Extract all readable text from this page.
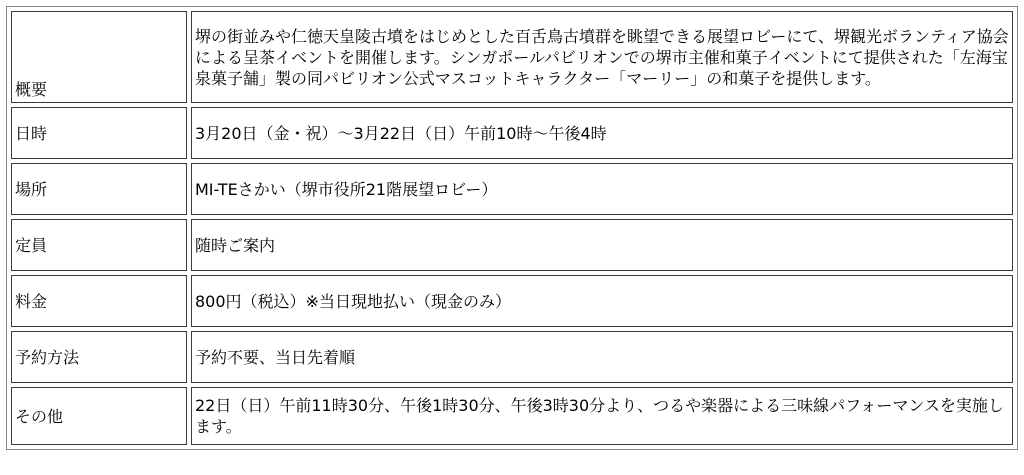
概要	堺の街並みや仁徳天皇陵古墳をはじめとした百舌鳥古墳群を眺望できる展望ロビーにて、堺観光ボランティア協会による呈茶イベントを開催します。シンガポールパビリオンでの堺市主催和菓子イベントにて提供された「左海宝泉菓子舗」製の同パビリオン公式マスコットキャラクター「マーリー」の和菓子を提供します。
日時	3月20日（金・祝）～3月22日（日）午前10時～午後4時
場所	MI-TEさかい（堺市役所21階展望ロビー）
定員	随時ご案内
料金	800円（税込）※当日現地払い（現金のみ）
予約方法	予約不要、当日先着順
その他	22日（日）午前11時30分、午後1時30分、午後3時30分より、つるや楽器による三味線パフォーマンスを実施します。
